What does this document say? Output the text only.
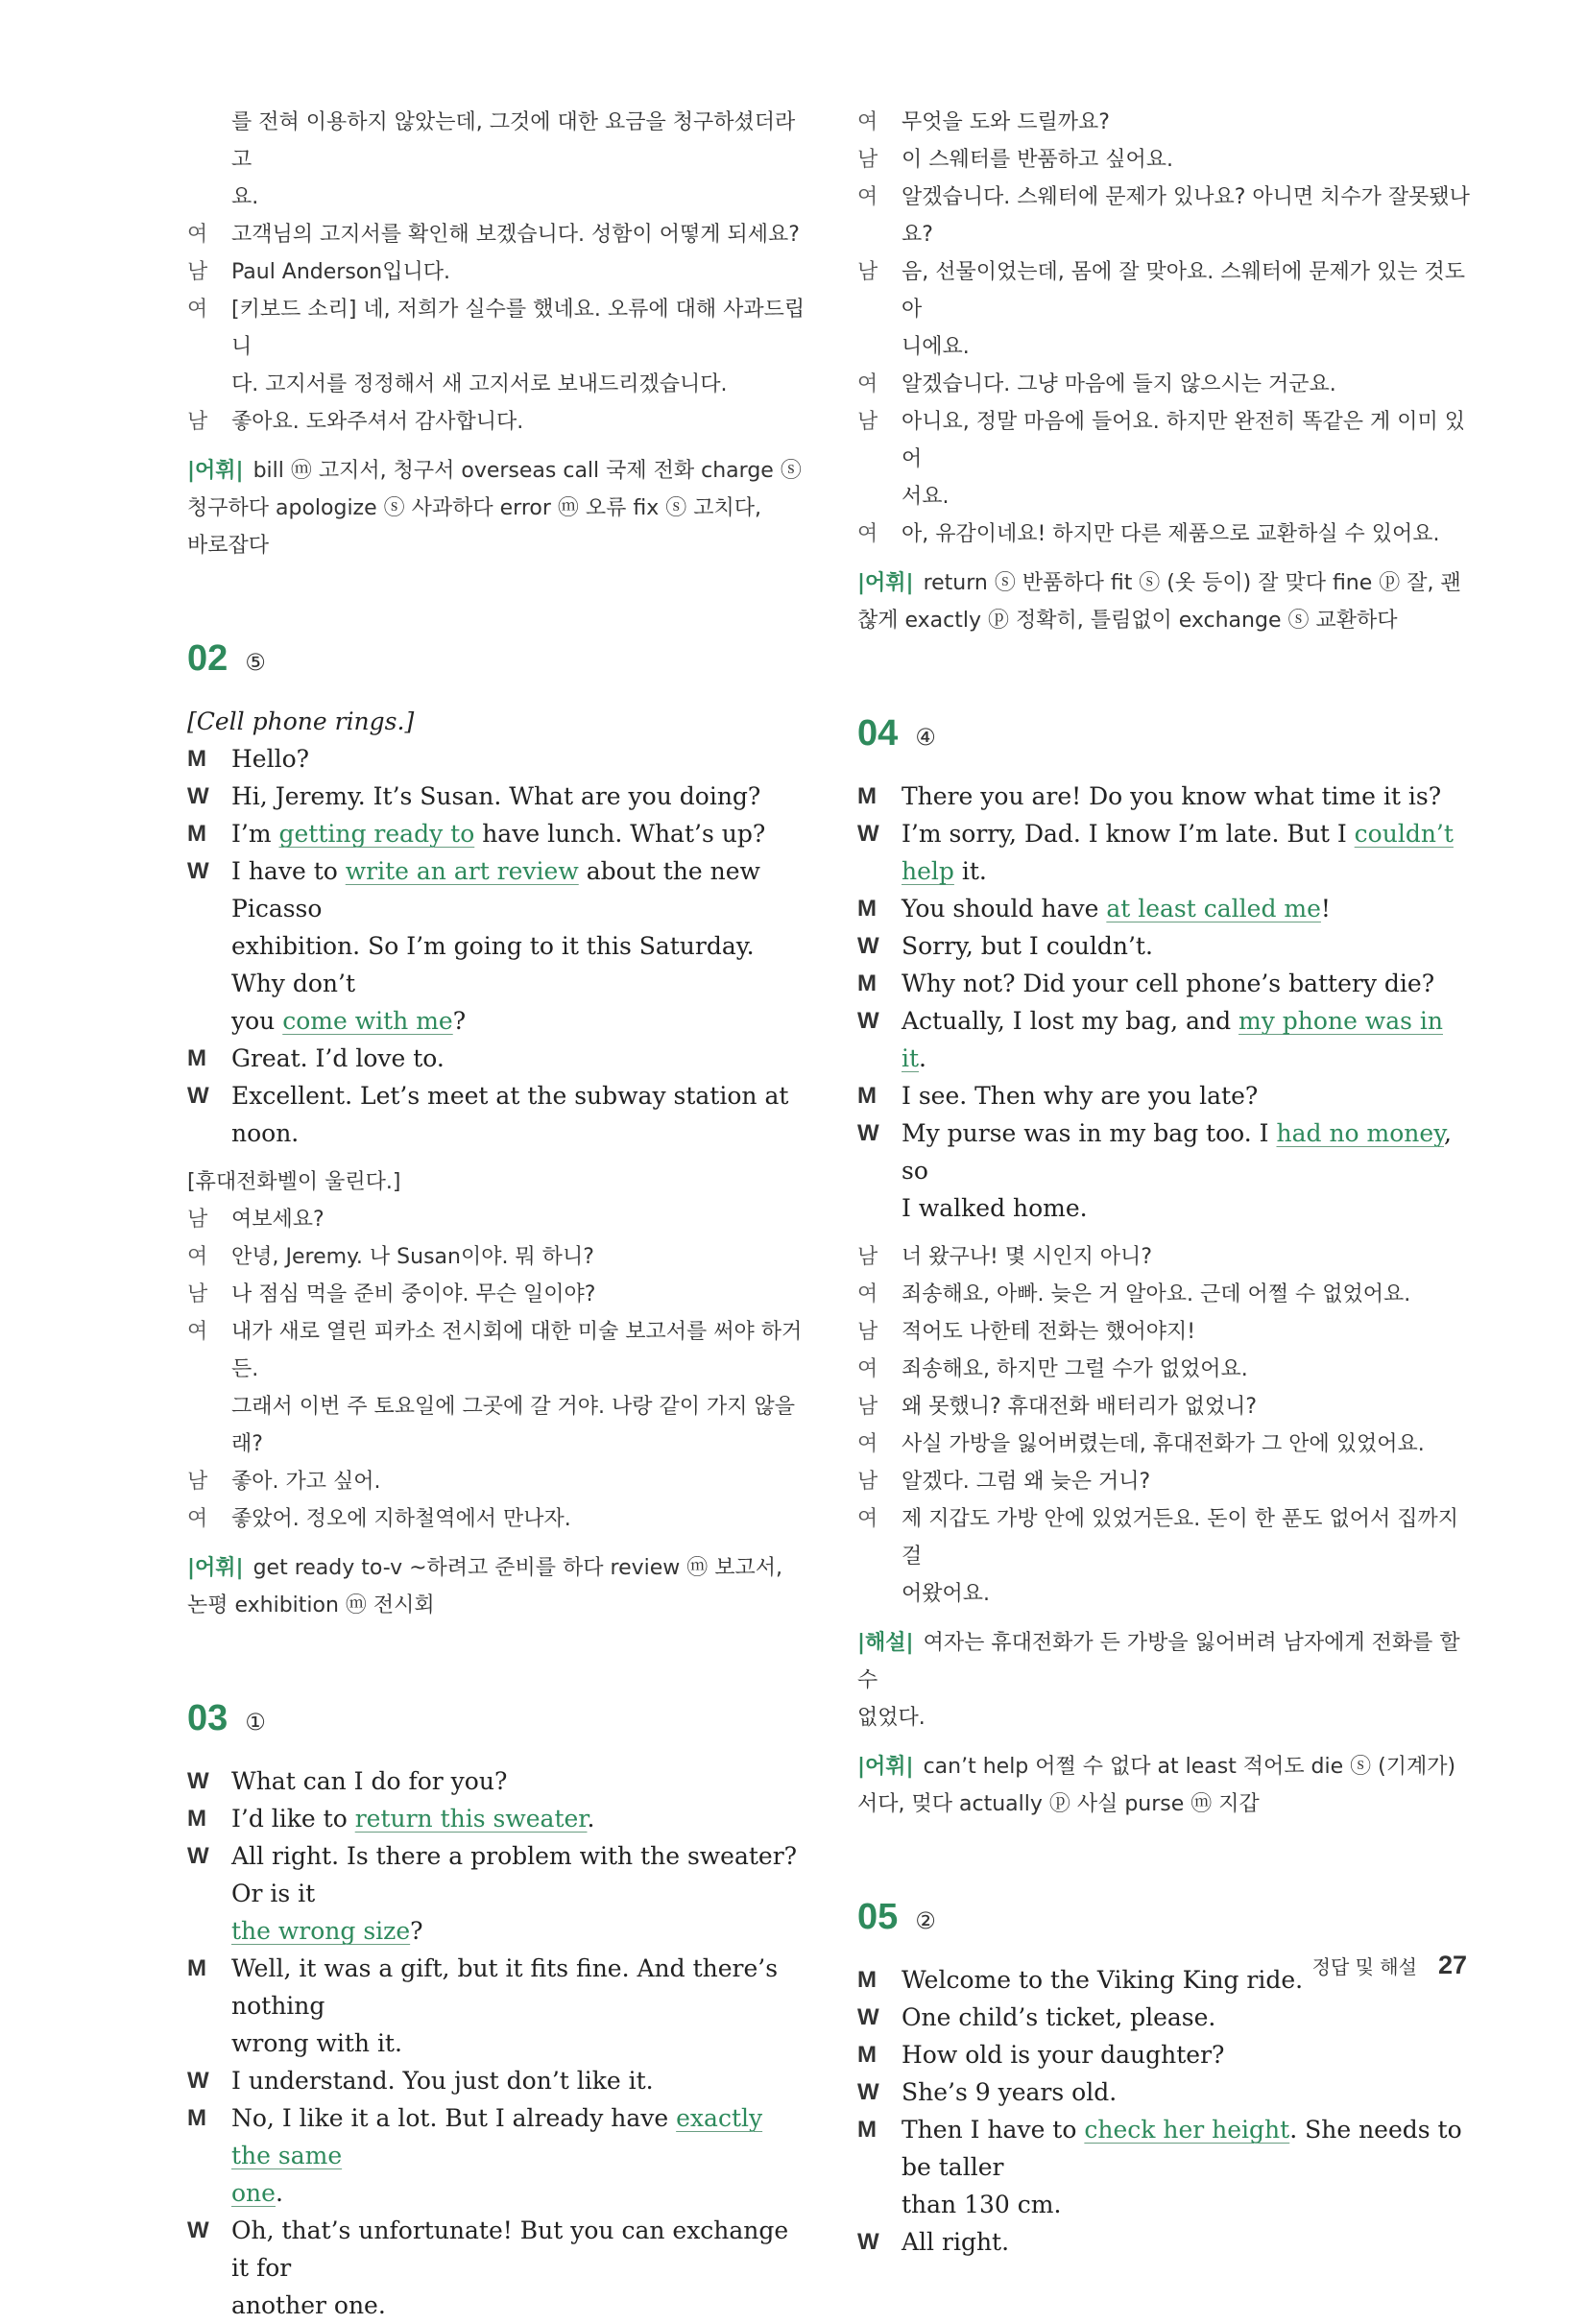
를 전혀 이용하지 않았는데, 그것에 대한 요금을 청구하셨더라고
요.
여	고객님의 고지서를 확인해 보겠습니다. 성함이 어떻게 되세요?
남	Paul Anderson입니다.
여	[키보드 소리] 네, 저희가 실수를 했네요. 오류에 대해 사과드립니
다. 고지서를 정정해서 새 고지서로 보내드리겠습니다.
남	좋아요. 도와주셔서 감사합니다.
|어휘| bill ⓜ 고지서, 청구서 overseas call 국제 전화 charge ⓢ
청구하다 apologize ⓢ 사과하다 error ⓜ 오류 fix ⓢ 고치다,
바로잡다
02 ⑤
[Cell phone rings.]
M	Hello?
W Hi, Jeremy. It’s Susan. What are you doing?
M	I’m getting ready to have lunch. What’s up?
W I have to write an art review about the new Picasso
exhibition. So I’m going to it this Saturday. Why don’t
you come with me?
M	Great. I’d love to.
W Excellent. Let’s meet at the subway station at noon.
[휴대전화벨이 울린다.]
남	여보세요?
여	안녕, Jeremy. 나 Susan이야. 뭐 하니?
남	나 점심 먹을 준비 중이야. 무슨 일이야?
여	내가 새로 열린 피카소 전시회에 대한 미술 보고서를 써야 하거든.
그래서 이번 주 토요일에 그곳에 갈 거야. 나랑 같이 가지 않을래?
남	좋아. 가고 싶어.
여	좋았어. 정오에 지하철역에서 만나자.
|어휘| get ready to-v ~하려고 준비를 하다 review ⓜ 보고서,
논평 exhibition ⓜ 전시회
03 ①
W What can I do for you?
M	I’d like to return this sweater.
W All right. Is there a problem with the sweater? Or is it
the wrong size?
M	Well, it was a gift, but it fits fine. And there’s nothing
wrong with it.
W I understand. You just don’t like it.
M	No, I like it a lot. But I already have exactly the same
one.
W Oh, that’s unfortunate! But you can exchange it for
another one.
여	무엇을 도와 드릴까요?
남	이 스웨터를 반품하고 싶어요.
여	알겠습니다. 스웨터에 문제가 있나요? 아니면 치수가 잘못됐나요?
남	음, 선물이었는데, 몸에 잘 맞아요. 스웨터에 문제가 있는 것도 아
니에요.
여	알겠습니다. 그냥 마음에 들지 않으시는 거군요.
남	아니요, 정말 마음에 들어요. 하지만 완전히 똑같은 게 이미 있어
서요.
여	아, 유감이네요! 하지만 다른 제품으로 교환하실 수 있어요.
|어휘| return ⓢ 반품하다 fit ⓢ (옷 등이) 잘 맞다 fine ⓟ 잘, 괜
찮게 exactly ⓟ 정확히, 틀림없이 exchange ⓢ 교환하다
04 ④
M	There you are! Do you know what time it is?
W I’m sorry, Dad. I know I’m late. But I couldn’t help it.
M	You should have at least called me!
W Sorry, but I couldn’t.
M	Why not? Did your cell phone’s battery die?
W Actually, I lost my bag, and my phone was in it.
M	I see. Then why are you late?
W My purse was in my bag too. I had no money, so
I walked home.
남	너 왔구나! 몇 시인지 아니?
여	죄송해요, 아빠. 늦은 거 알아요. 근데 어쩔 수 없었어요.
남	적어도 나한테 전화는 했어야지!
여	죄송해요, 하지만 그럴 수가 없었어요.
남	왜 못했니? 휴대전화 배터리가 없었니?
여	사실 가방을 잃어버렸는데, 휴대전화가 그 안에 있었어요.
남	알겠다. 그럼 왜 늦은 거니?
여	제 지갑도 가방 안에 있었거든요. 돈이 한 푼도 없어서 집까지 걸
어왔어요.
|해설| 여자는 휴대전화가 든 가방을 잃어버려 남자에게 전화를 할 수
없었다.
|어휘| can’t help 어쩔 수 없다 at least 적어도 die ⓢ (기계가)
서다, 멎다 actually ⓟ 사실 purse ⓜ 지갑
05 ②
M	Welcome to the Viking King ride.
W One child’s ticket, please.
M	How old is your daughter?
W She’s 9 years old.
M	Then I have to check her height. She needs to be taller
than 130 cm.
W All right.
정답 및 해설 27
